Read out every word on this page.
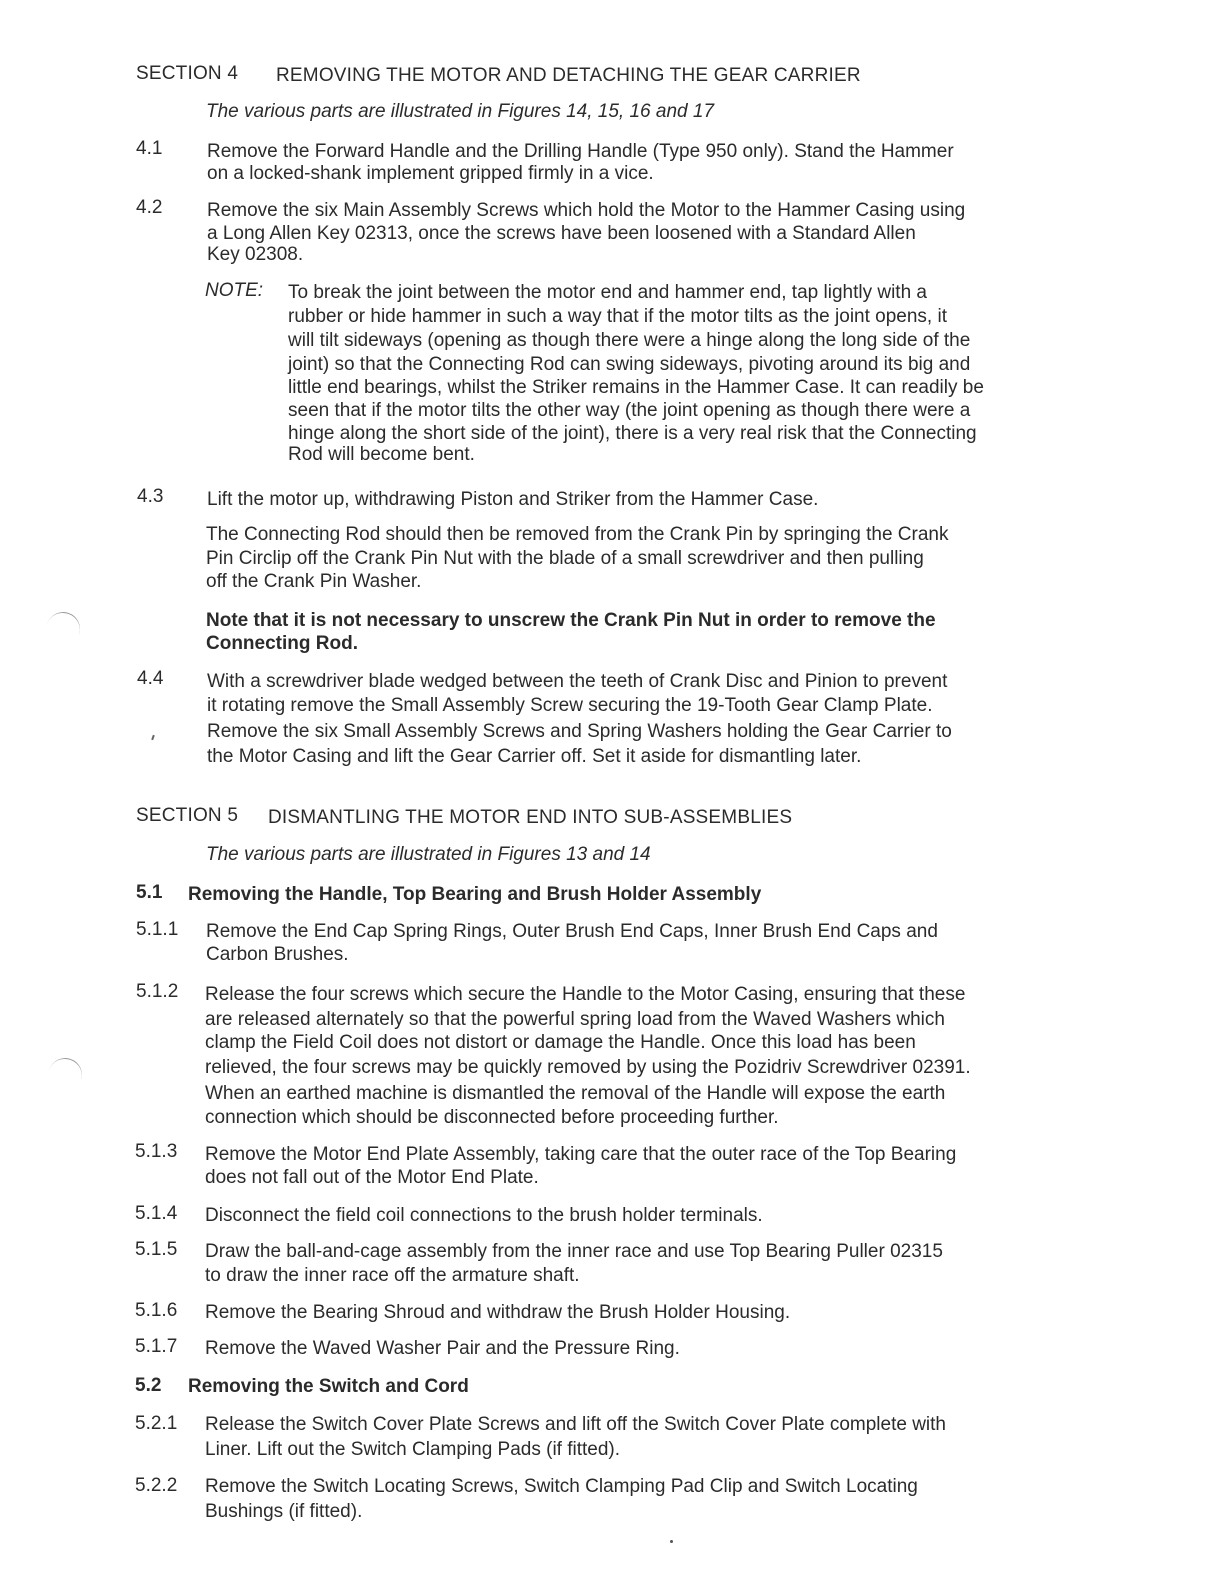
SECTION 4 REMOVING THE MOTOR AND DETACHING THE GEAR CARRIER
The various parts are illustrated in Figures 14, 15, 16 and 17
4.1 Remove the Forward Handle and the Drilling Handle (Type 950 only). Stand the Hammer
on a locked-shank implement gripped firmly in a vice.
4.2 Remove the six Main Assembly Screws which hold the Motor to the Hammer Casing using
a Long Allen Key 02313, once the screws have been loosened with a Standard Allen
Key 02308.
NOTE: To break the joint between the motor end and hammer end, tap lightly with a
rubber or hide hammer in such a way that if the motor tilts as the joint opens, it
will tilt sideways (opening as though there were a hinge along the long side of the
joint) so that the Connecting Rod can swing sideways, pivoting around its big and
little end bearings, whilst the Striker remains in the Hammer Case. It can readily be
seen that if the motor tilts the other way (the joint opening as though there were a
hinge along the short side of the joint), there is a very real risk that the Connecting
Rod will become bent.
4.3 Lift the motor up, withdrawing Piston and Striker from the Hammer Case.
The Connecting Rod should then be removed from the Crank Pin by springing the Crank
Pin Circlip off the Crank Pin Nut with the blade of a small screwdriver and then pulling
off the Crank Pin Washer.
Note that it is not necessary to unscrew the Crank Pin Nut in order to remove the
Connecting Rod.
4.4 With a screwdriver blade wedged between the teeth of Crank Disc and Pinion to prevent
it rotating remove the Small Assembly Screw securing the 19-Tooth Gear Clamp Plate.
Remove the six Small Assembly Screws and Spring Washers holding the Gear Carrier to
the Motor Casing and lift the Gear Carrier off. Set it aside for dismantling later.
SECTION 5 DISMANTLING THE MOTOR END INTO SUB-ASSEMBLIES
The various parts are illustrated in Figures 13 and 14
5.1 Removing the Handle, Top Bearing and Brush Holder Assembly
5.1.1 Remove the End Cap Spring Rings, Outer Brush End Caps, Inner Brush End Caps and
Carbon Brushes.
5.1.2 Release the four screws which secure the Handle to the Motor Casing, ensuring that these
are released alternately so that the powerful spring load from the Waved Washers which
clamp the Field Coil does not distort or damage the Handle. Once this load has been
relieved, the four screws may be quickly removed by using the Pozidriv Screwdriver 02391.
When an earthed machine is dismantled the removal of the Handle will expose the earth
connection which should be disconnected before proceeding further.
5.1.3 Remove the Motor End Plate Assembly, taking care that the outer race of the Top Bearing
does not fall out of the Motor End Plate.
5.1.4 Disconnect the field coil connections to the brush holder terminals.
5.1.5 Draw the ball-and-cage assembly from the inner race and use Top Bearing Puller 02315
to draw the inner race off the armature shaft.
5.1.6 Remove the Bearing Shroud and withdraw the Brush Holder Housing.
5.1.7 Remove the Waved Washer Pair and the Pressure Ring.
5.2 Removing the Switch and Cord
5.2.1 Release the Switch Cover Plate Screws and lift off the Switch Cover Plate complete with
Liner. Lift out the Switch Clamping Pads (if fitted).
5.2.2 Remove the Switch Locating Screws, Switch Clamping Pad Clip and Switch Locating
Bushings (if fitted).
